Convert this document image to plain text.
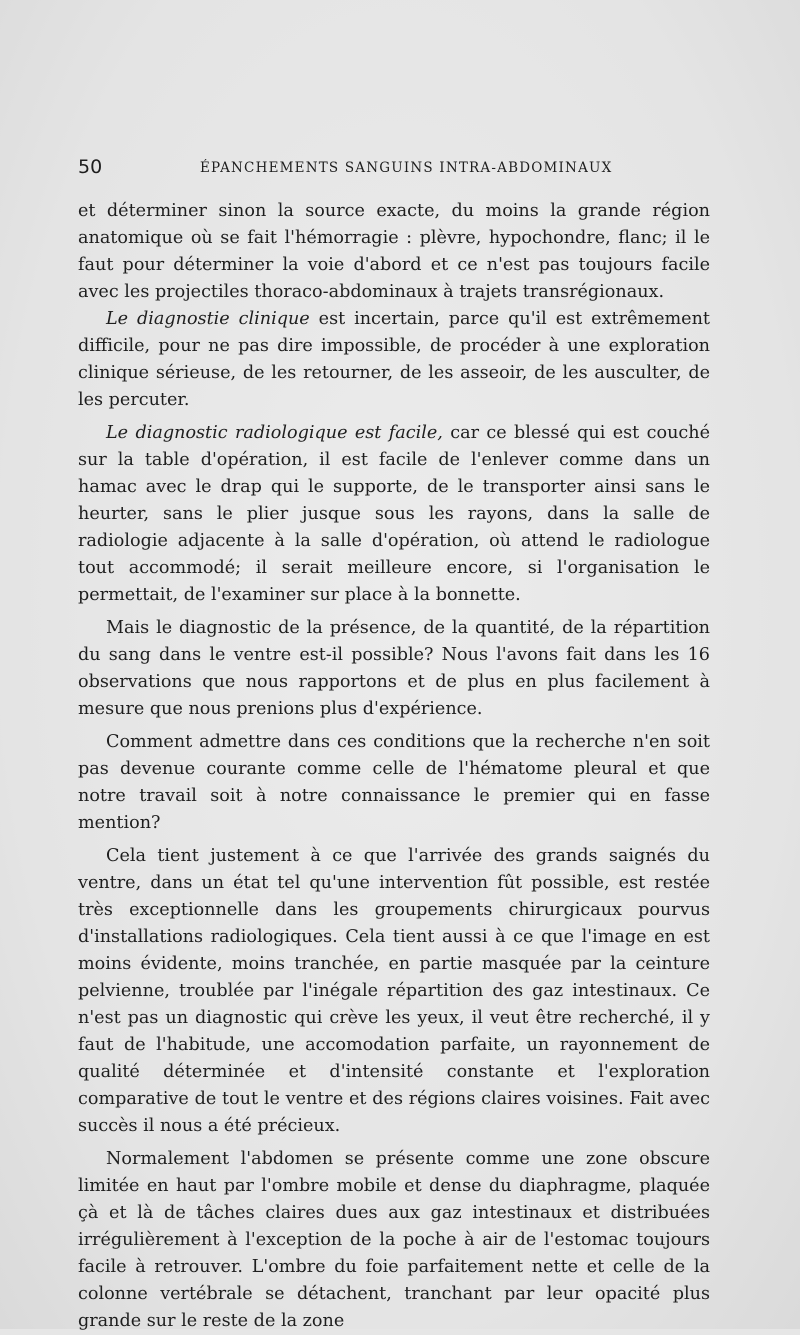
50	ÉPANCHEMENTS SANGUINS INTRA-ABDOMINAUX

et déterminer sinon la source exacte, du moins la grande région anatomique où se fait l'hémorragie : plèvre, hypochondre, flanc; il le faut pour déterminer la voie d'abord et ce n'est pas toujours facile avec les projectiles thoraco-abdominaux à trajets transrégionaux.

Le diagnostie clinique est incertain, parce qu'il est extrêmement difficile, pour ne pas dire impossible, de procéder à une exploration clinique sérieuse, de les retourner, de les asseoir, de les ausculter, de les percuter.

Le diagnostic radiologique est facile, car ce blessé qui est couché sur la table d'opération, il est facile de l'enlever comme dans un hamac avec le drap qui le supporte, de le transporter ainsi sans le heurter, sans le plier jusque sous les rayons, dans la salle de radiologie adjacente à la salle d'opération, où attend le radiologue tout accommodé; il serait meilleure encore, si l'organisation le permettait, de l'examiner sur place à la bonnette.

Mais le diagnostic de la présence, de la quantité, de la répartition du sang dans le ventre est-il possible? Nous l'avons fait dans les 16 observations que nous rapportons et de plus en plus facilement à mesure que nous prenions plus d'expérience.

Comment admettre dans ces conditions que la recherche n'en soit pas devenue courante comme celle de l'hématome pleural et que notre travail soit à notre connaissance le premier qui en fasse mention?

Cela tient justement à ce que l'arrivée des grands saignés du ventre, dans un état tel qu'une intervention fût possible, est restée très exceptionnelle dans les groupements chirurgicaux pourvus d'installations radiologiques. Cela tient aussi à ce que l'image en est moins évidente, moins tranchée, en partie masquée par la ceinture pelvienne, troublée par l'inégale répartition des gaz intestinaux. Ce n'est pas un diagnostic qui crève les yeux, il veut être recherché, il y faut de l'habitude, une accomodation parfaite, un rayonnement de qualité déterminée et d'intensité constante et l'exploration comparative de tout le ventre et des régions claires voisines. Fait avec succès il nous a été précieux.

Normalement l'abdomen se présente comme une zone obscure limitée en haut par l'ombre mobile et dense du diaphragme, plaquée çà et là de tâches claires dues aux gaz intestinaux et distribuées irrégulièrement à l'exception de la poche à air de l'estomac toujours facile à retrouver. L'ombre du foie parfaitement nette et celle de la colonne vertébrale se détachent, tranchant par leur opacité plus grande sur le reste de la zone
